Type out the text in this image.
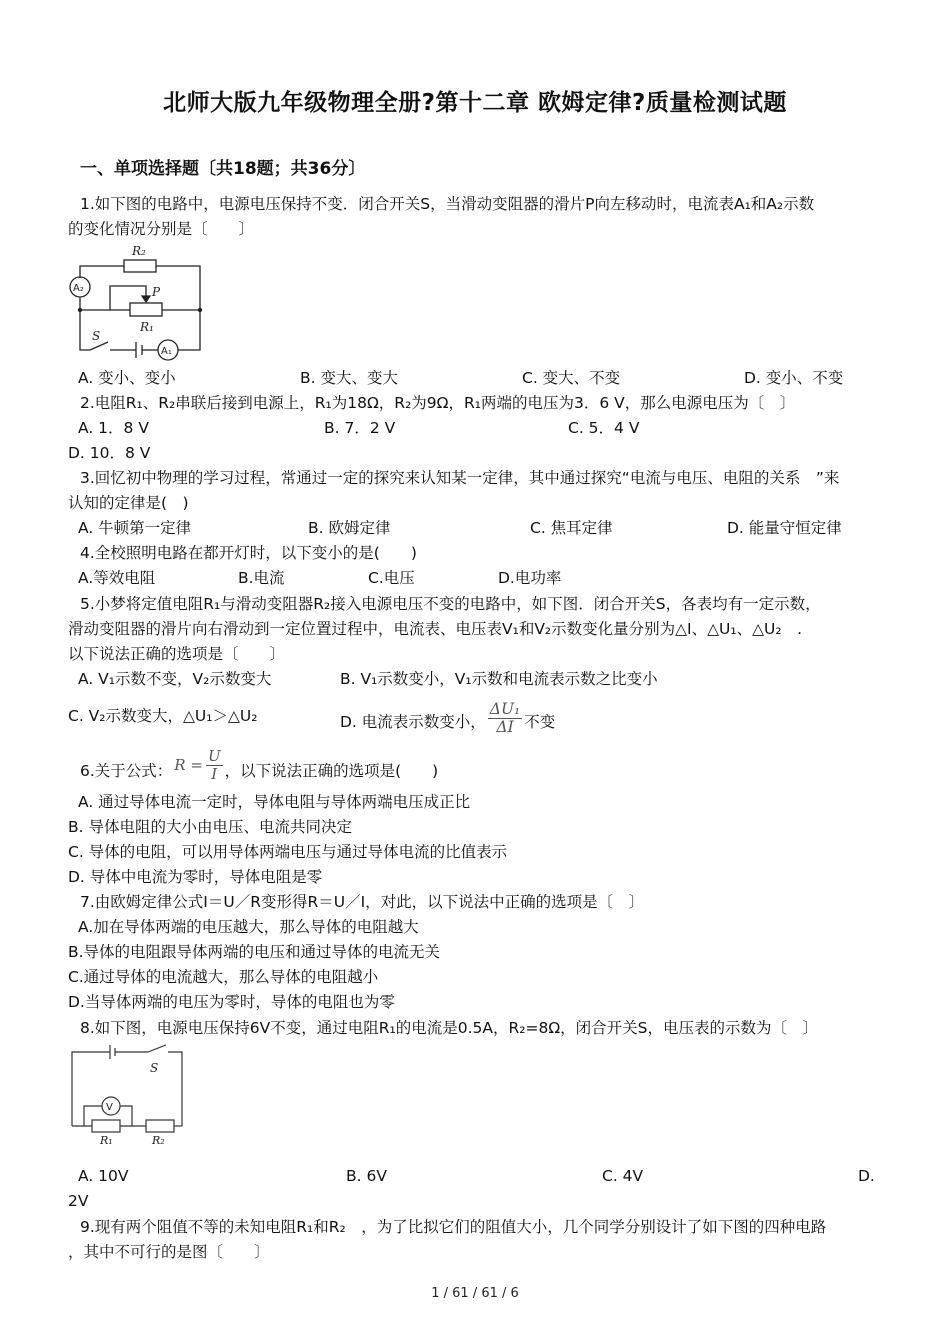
北师大版九年级物理全册?第十二章 欧姆定律?质量检测试题
一、单项选择题〔共18题；共36分〕
1.如下图的电路中，电源电压保持不变．闭合开关S，当滑动变阻器的滑片P向左移动时，电流表A₁和A₂示数
的变化情况分别是〔　　〕
R₂
A₂	P
R₁
S
A₁
A. 变小、变小	B. 变大、变大	C. 变大、不变	D. 变小、不变
2.电阻R₁、R₂串联后接到电源上，R₁为18Ω，R₂为9Ω，R₁两端的电压为3．6 V，那么电源电压为〔　〕
A. 1．8 V	B. 7．2 V	C. 5．4 V
D. 10．8 V
3.回忆初中物理的学习过程，常通过一定的探究来认知某一定律，其中通过探究“电流与电压、电阻的关系　”来
认知的定律是(　)
A. 牛顿第一定律	B. 欧姆定律	C. 焦耳定律	D. 能量守恒定律
4.全校照明电路在都开灯时，以下变小的是(　　)
A.等效电阻	B.电流	C.电压	D.电功率
5.小梦将定值电阻R₁与滑动变阻器R₂接入电源电压不变的电路中，如下图．闭合开关S，各表均有一定示数，
滑动变阻器的滑片向右滑动到一定位置过程中，电流表、电压表V₁和V₂示数变化量分别为△I、△U₁、△U₂　.
以下说法正确的选项是〔　　〕
A. V₁示数不变，V₂示数变大	B. V₁示数变小，V₁示数和电流表示数之比变小
C. V₂示数变大，△U₁＞△U₂	D. 电流表示数变小， $\frac{\text{ΔU₁}}{\Delta I}$ 不变
6.关于公式： $R = \frac{U}{I}$ ，以下说法正确的选项是(　　)
A. 通过导体电流一定时，导体电阻与导体两端电压成正比
B. 导体电阻的大小由电压、电流共同决定
C. 导体的电阻，可以用导体两端电压与通过导体电流的比值表示
D. 导体中电流为零时，导体电阻是零
7.由欧姆定律公式I＝U／R变形得R＝U／I，对此，以下说法中正确的选项是〔　〕
A.加在导体两端的电压越大，那么导体的电阻越大
B.导体的电阻跟导体两端的电压和通过导体的电流无关
C.通过导体的电流越大，那么导体的电阻越小
D.当导体两端的电压为零时，导体的电阻也为零
8.如下图，电源电压保持6V不变，通过电阻R₁的电流是0.5A，R₂=8Ω，闭合开关S，电压表的示数为〔　〕
S
V
R₁	R₂
A. 10V	B. 6V	C. 4V	D.
2V
9.现有两个阻值不等的未知电阻R₁和R₂　，为了比拟它们的阻值大小，几个同学分别设计了如下图的四种电路
，其中不可行的是图〔　　〕
1 / 61 / 61 / 6
